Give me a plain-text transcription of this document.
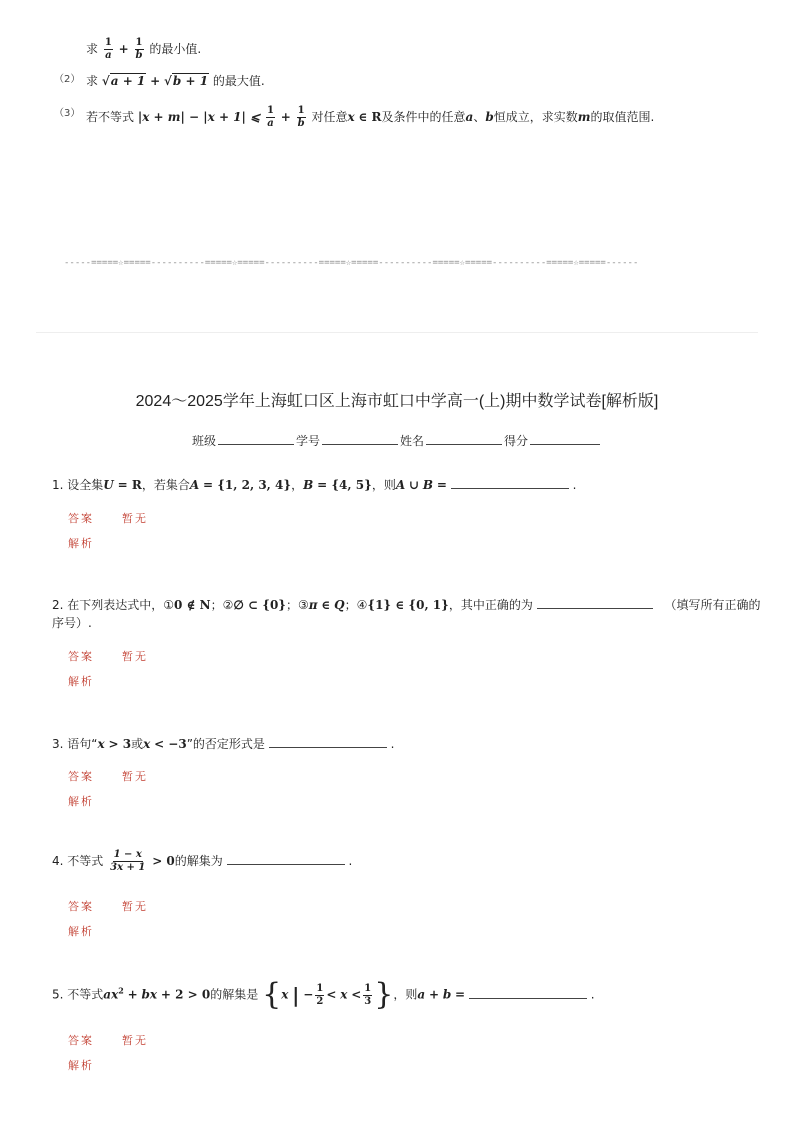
求 $\frac{1}{a} + \frac{1}{b}$ 的最小值.
（2） 求 √a + 1 + √b + 1 的最大值.
（3） 若不等式 |x + m| − |x + 1| ⩽ $\frac{1}{a} + \frac{1}{b}$ 对任意x ∈ R及条件中的任意a、b恒成立，求实数m的取值范围.
-----=====☆=====----------=====☆=====----------=====☆=====----------=====☆=====----------=====☆=====------
2024～2025学年上海虹口区上海市虹口中学高一(上)期中数学试卷[解析版]
班级	学号	姓名	得分
1. 设全集U = R，若集合A = {1, 2, 3, 4}，B = {4, 5}，则A ∪ B =	.
答案	暂无
解析
2. 在下列表达式中，①0 ∉ N；②∅ ⊂ {0}；③π ∈ Q；④{1} ∈ {0, 1}，其中正确的为	（填写所有正确的
序号）.
答案	暂无
解析
3. 语句“x > 3或x < −3”的否定形式是	.
答案	暂无
解析
4. 不等式 $\frac{1 - x}{3x + 1} > 0$的解集为	.
答案	暂无
解析
5. 不等式$ax^2$ + bx + 2 > 0的解集是 {x | − $\frac{1}{2} < x < \frac{1}{3}$ }，则a + b =	.
答案	暂无
解析
